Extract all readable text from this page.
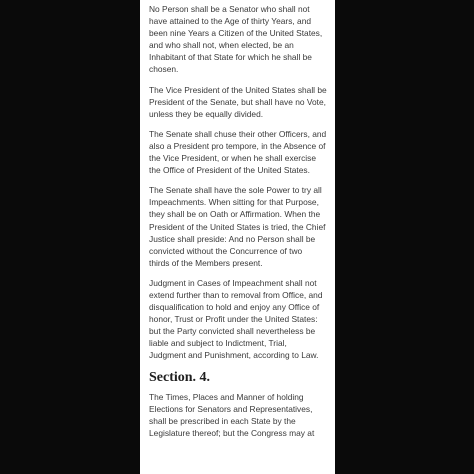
No Person shall be a Senator who shall not
have attained to the Age of thirty Years, and
been nine Years a Citizen of the United States,
and who shall not, when elected, be an
Inhabitant of that State for which he shall be
chosen.

The Vice President of the United States shall be
President of the Senate, but shall have no Vote,
unless they be equally divided.

The Senate shall chuse their other Officers, and
also a President pro tempore, in the Absence of
the Vice President, or when he shall exercise
the Office of President of the United States.

The Senate shall have the sole Power to try all
Impeachments. When sitting for that Purpose,
they shall be on Oath or Affirmation. When the
President of the United States is tried, the Chief
Justice shall preside: And no Person shall be
convicted without the Concurrence of two
thirds of the Members present.

Judgment in Cases of Impeachment shall not
extend further than to removal from Office, and
disqualification to hold and enjoy any Office of
honor, Trust or Profit under the United States:
but the Party convicted shall nevertheless be
liable and subject to Indictment, Trial,
Judgment and Punishment, according to Law.

Section. 4.

The Times, Places and Manner of holding
Elections for Senators and Representatives,
shall be prescribed in each State by the
Legislature thereof; but the Congress may at
